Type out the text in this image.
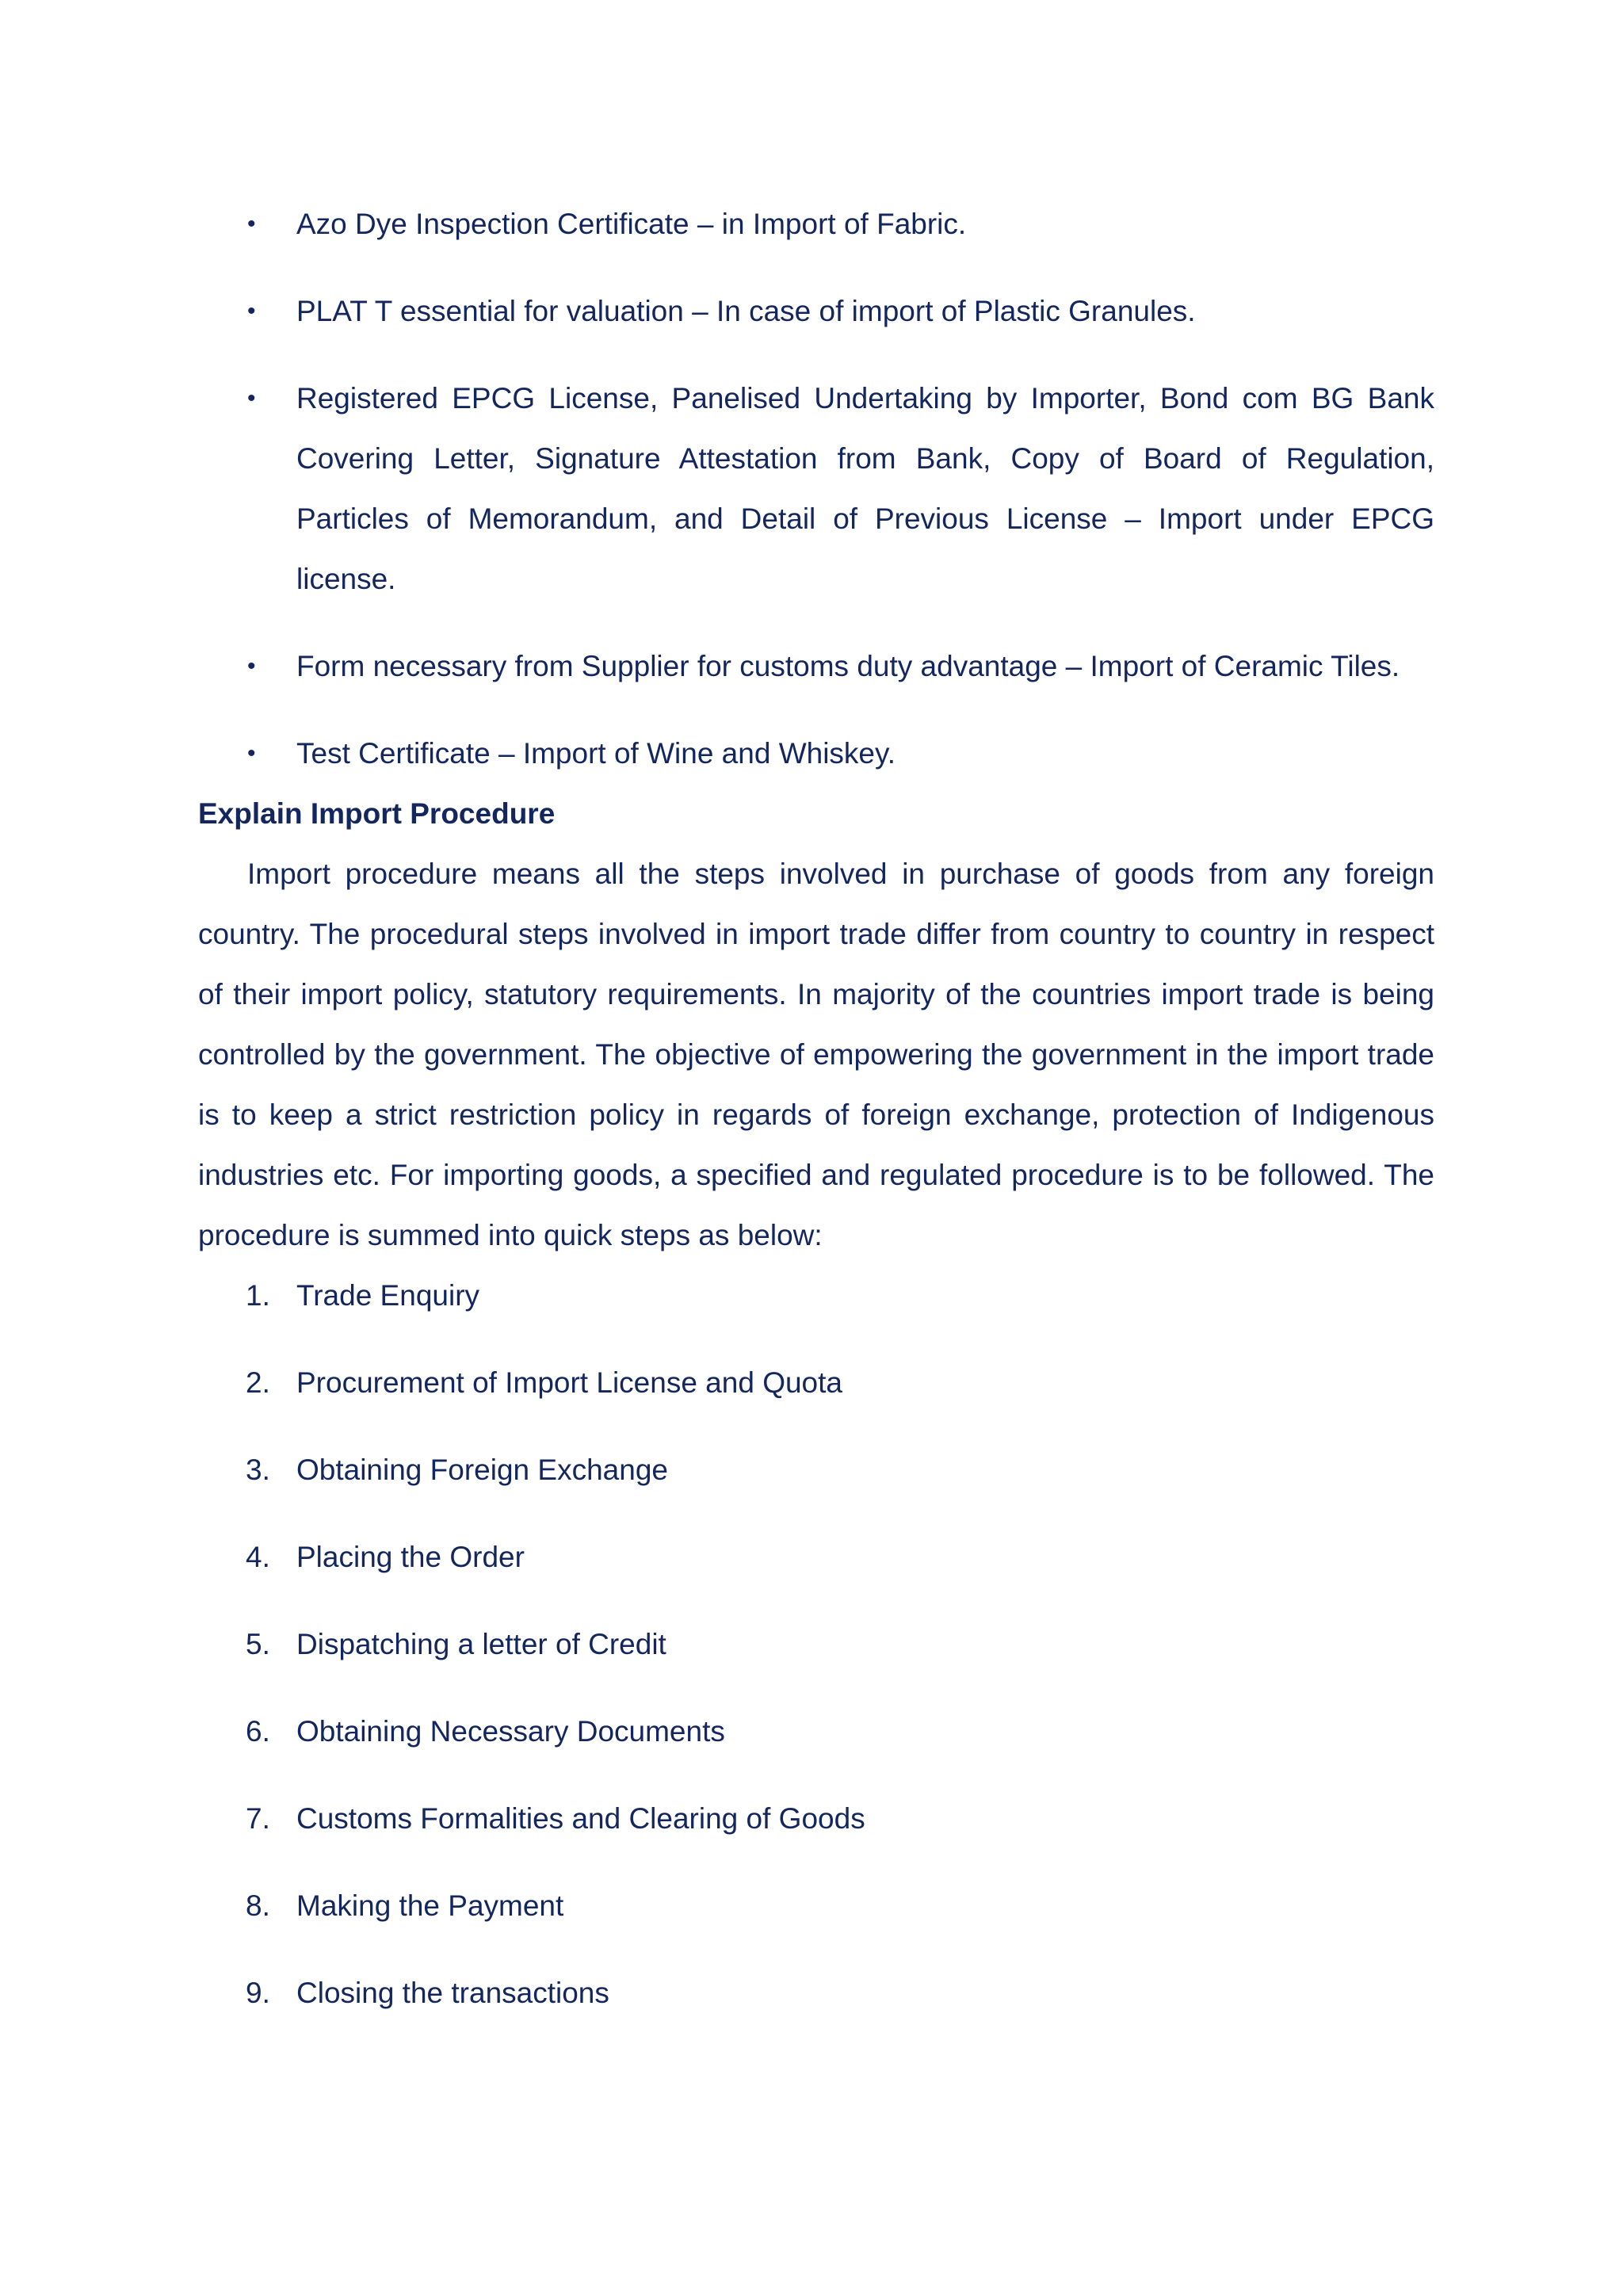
• Azo Dye Inspection Certificate – in Import of Fabric.
• PLAT T essential for valuation – In case of import of Plastic Granules.
• Registered EPCG License, Panelised Undertaking by Importer, Bond com BG Bank Covering Letter, Signature Attestation from Bank, Copy of Board of Regulation, Particles of Memorandum, and Detail of Previous License – Import under EPCG license.
• Form necessary from Supplier for customs duty advantage – Import of Ceramic Tiles.
• Test Certificate – Import of Wine and Whiskey.
Explain Import Procedure

Import procedure means all the steps involved in purchase of goods from any foreign country. The procedural steps involved in import trade differ from country to country in respect of their import policy, statutory requirements. In majority of the countries import trade is being controlled by the government. The objective of empowering the government in the import trade is to keep a strict restriction policy in regards of foreign exchange, protection of Indigenous industries etc. For importing goods, a specified and regulated procedure is to be followed. The procedure is summed into quick steps as below:

1. Trade Enquiry
2. Procurement of Import License and Quota
3. Obtaining Foreign Exchange
4. Placing the Order
5. Dispatching a letter of Credit
6. Obtaining Necessary Documents
7. Customs Formalities and Clearing of Goods
8. Making the Payment
9. Closing the transactions
